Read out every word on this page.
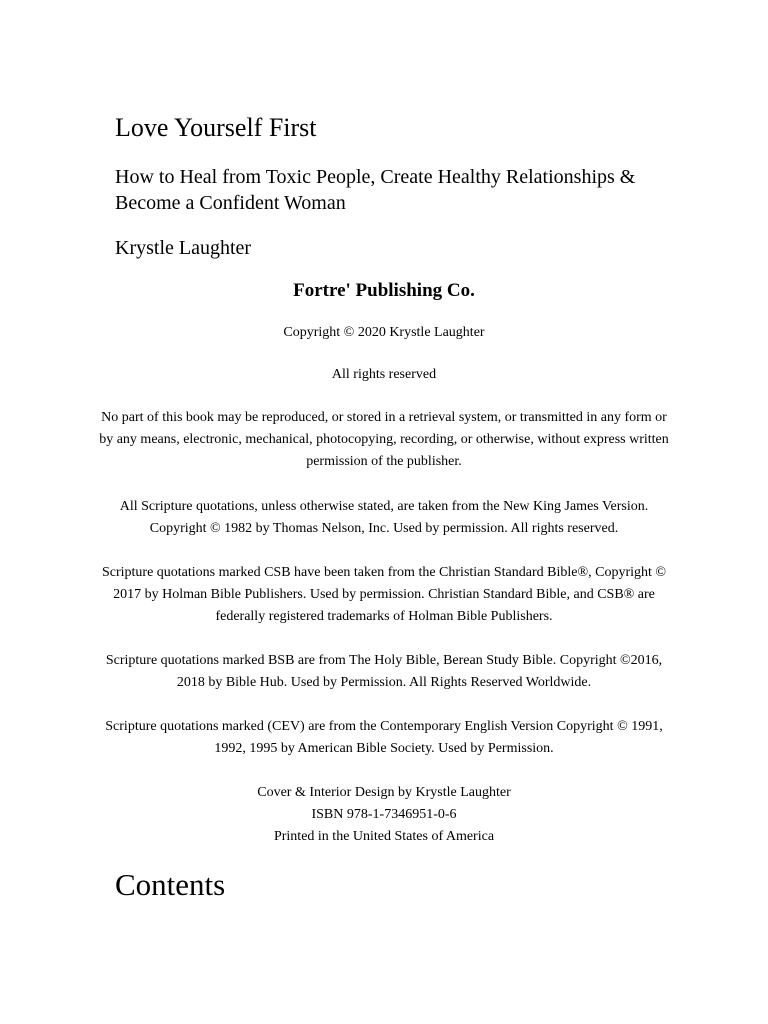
Love Yourself First
How to Heal from Toxic People, Create Healthy Relationships & Become a Confident Woman
Krystle Laughter

Fortre' Publishing Co.

Copyright © 2020 Krystle Laughter

All rights reserved

No part of this book may be reproduced, or stored in a retrieval system, or transmitted in any form or by any means, electronic, mechanical, photocopying, recording, or otherwise, without express written permission of the publisher.

All Scripture quotations, unless otherwise stated, are taken from the New King James Version. Copyright © 1982 by Thomas Nelson, Inc. Used by permission. All rights reserved.

Scripture quotations marked CSB have been taken from the Christian Standard Bible®, Copyright © 2017 by Holman Bible Publishers. Used by permission. Christian Standard Bible, and CSB® are federally registered trademarks of Holman Bible Publishers.

Scripture quotations marked BSB are from The Holy Bible, Berean Study Bible. Copyright ©2016, 2018 by Bible Hub. Used by Permission. All Rights Reserved Worldwide.

Scripture quotations marked (CEV) are from the Contemporary English Version Copyright © 1991, 1992, 1995 by American Bible Society. Used by Permission.

Cover & Interior Design by Krystle Laughter

ISBN 978-1-7346951-0-6

Printed in the United States of America

Contents
